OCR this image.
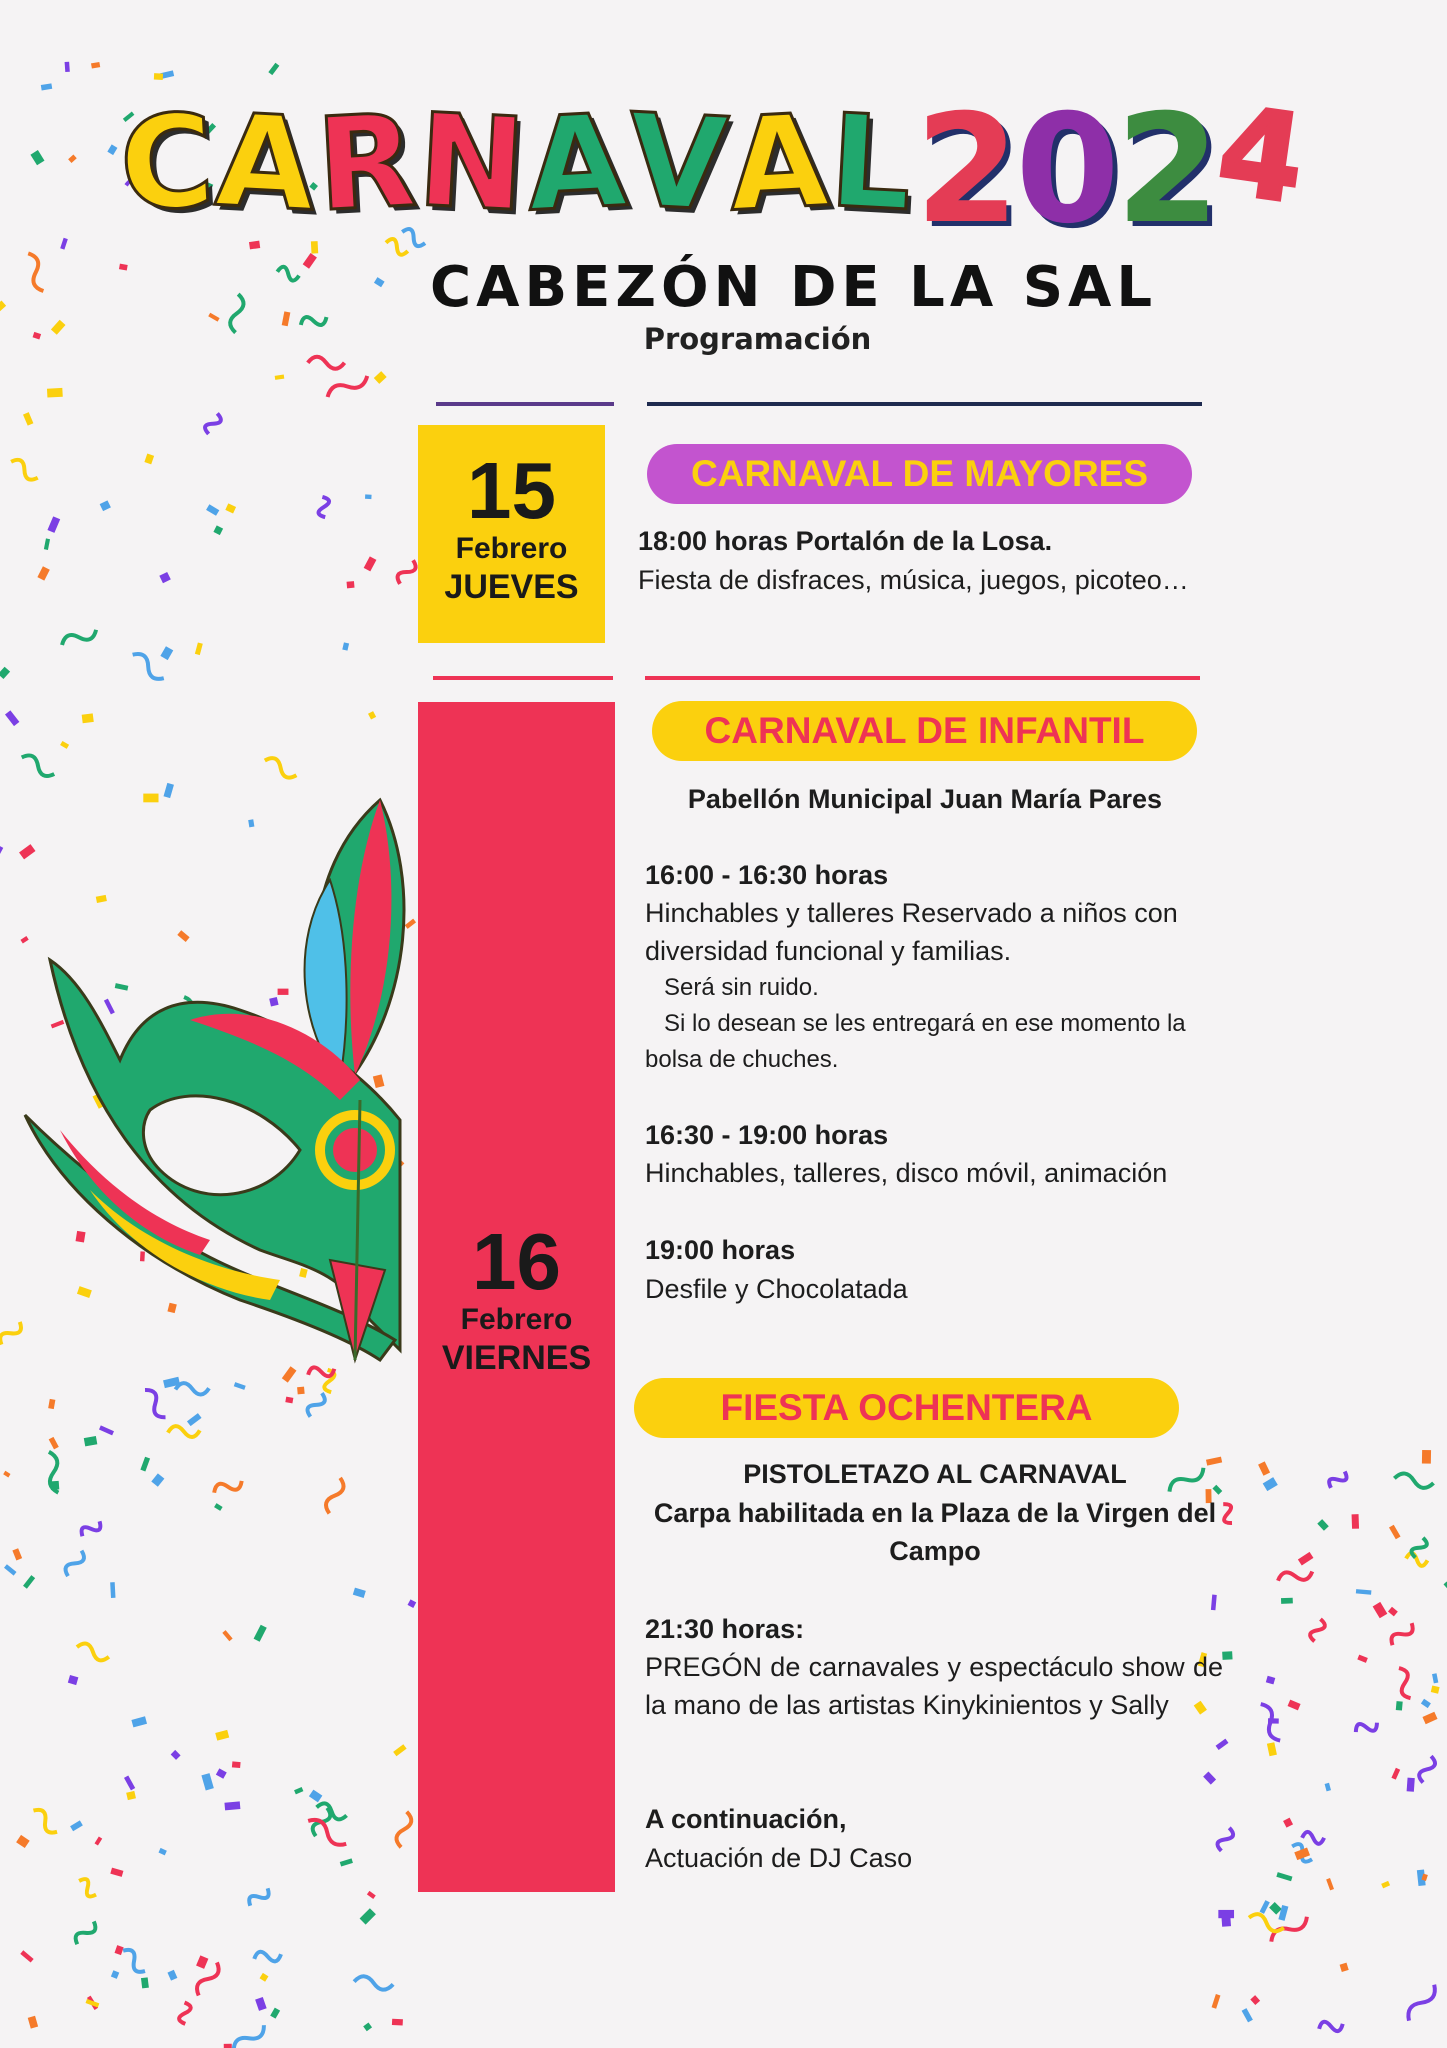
CARNAVAL
2024
CABEZÓN DE LA SAL

Programación

15
Febrero
JUEVES
16
Febrero
VIERNES
CARNAVAL DE MAYORES

18:00 horas Portalón de la Losa.

Fiesta de disfraces, música, juegos, picoteo…

CARNAVAL DE INFANTIL

Pabellón Municipal Juan María Pares

16:00 - 16:30 horas

Hinchables y talleres Reservado a niños con diversidad funcional y familias.

Será sin ruido.

Si lo desean se les entregará en ese momento la bolsa de chuches.

16:30 - 19:00 horas

Hinchables, talleres, disco móvil, animación

19:00 horas

Desfile y Chocolatada

FIESTA OCHENTERA

PISTOLETAZO AL CARNAVAL

Carpa habilitada en la Plaza de la Virgen del Campo

21:30 horas:

PREGÓN de carnavales y espectáculo show de la mano de las artistas Kinykinientos y Sally

A continuación,

Actuación de DJ Caso
